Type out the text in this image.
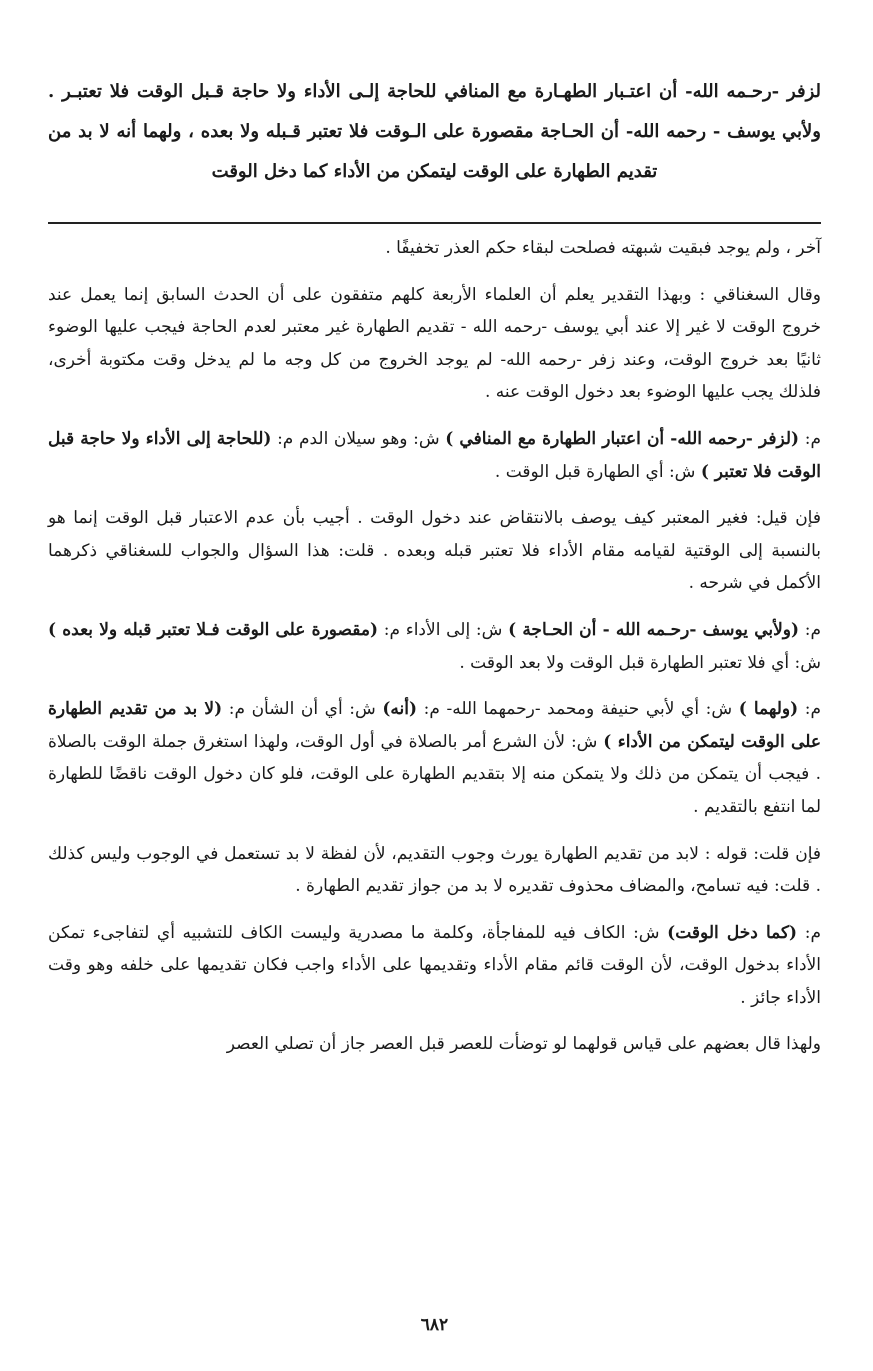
لزفر -رحـمه الله- أن اعتـبار الطهـارة مع المنافي للحاجة إلـى الأداء ولا حاجة قـبل الوقت فلا تعتبـر . ولأبي يوسف - رحمه الله- أن الحـاجة مقصورة على الـوقت فلا تعتبر قـبله ولا بعده ، ولهما أنه لا بد من تقديم الطهارة على الوقت ليتمكن من الأداء كما دخل الوقت

آخر ، ولم يوجد فبقيت شبهته فصلحت لبقاء حكم العذر تخفيفًا .

وقال السغناقي : وبهذا التقدير يعلم أن العلماء الأربعة كلهم متفقون على أن الحدث السابق إنما يعمل عند خروج الوقت لا غير إلا عند أبي يوسف -رحمه الله - تقديم الطهارة غير معتبر لعدم الحاجة فيجب عليها الوضوء ثانيًا بعد خروج الوقت، وعند زفر -رحمه الله- لم يوجد الخروج من كل وجه ما لم يدخل وقت مكتوبة أخرى، فلذلك يجب عليها الوضوء بعد دخول الوقت عنه .

م: (لزفر -رحمه الله- أن اعتبار الطهارة مع المنافي ) ش: وهو سيلان الدم م: (للحاجة إلى الأداء ولا حاجة قبل الوقت فلا تعتبر ) ش: أي الطهارة قبل الوقت .

فإن قيل: فغير المعتبر كيف يوصف بالانتقاض عند دخول الوقت . أجيب بأن عدم الاعتبار قبل الوقت إنما هو بالنسبة إلى الوقتية لقيامه مقام الأداء فلا تعتبر قبله وبعده . قلت: هذا السؤال والجواب للسغناقي ذكرهما الأكمل في شرحه .

م: (ولأبي يوسف -رحـمه الله - أن الحـاجة ) ش: إلى الأداء م: (مقصورة على الوقت فـلا تعتبر قبله ولا بعده ) ش: أي فلا تعتبر الطهارة قبل الوقت ولا بعد الوقت .

م: (ولهما ) ش: أي لأبي حنيفة ومحمد -رحمهما الله- م: (أنه) ش: أي أن الشأن م: (لا بد من تقديم الطهارة على الوقت ليتمكن من الأداء ) ش: لأن الشرع أمر بالصلاة في أول الوقت، ولهذا استغرق جملة الوقت بالصلاة . فيجب أن يتمكن من ذلك ولا يتمكن منه إلا بتقديم الطهارة على الوقت، فلو كان دخول الوقت ناقضًا للطهارة لما انتفع بالتقديم .

فإن قلت: قوله : لابد من تقديم الطهارة يورث وجوب التقديم، لأن لفظة لا بد تستعمل في الوجوب وليس كذلك . قلت: فيه تسامح، والمضاف محذوف تقديره لا بد من جواز تقديم الطهارة .

م: (كما دخل الوقت) ش: الكاف فيه للمفاجأة، وكلمة ما مصدرية وليست الكاف للتشبيه أي لتفاجىء تمكن الأداء بدخول الوقت، لأن الوقت قائم مقام الأداء وتقديمها على الأداء واجب فكان تقديمها على خلفه وهو وقت الأداء جائز .

ولهذا قال بعضهم على قياس قولهما لو توضأت للعصر قبل العصر جاز أن تصلي العصر

٦٨٢
